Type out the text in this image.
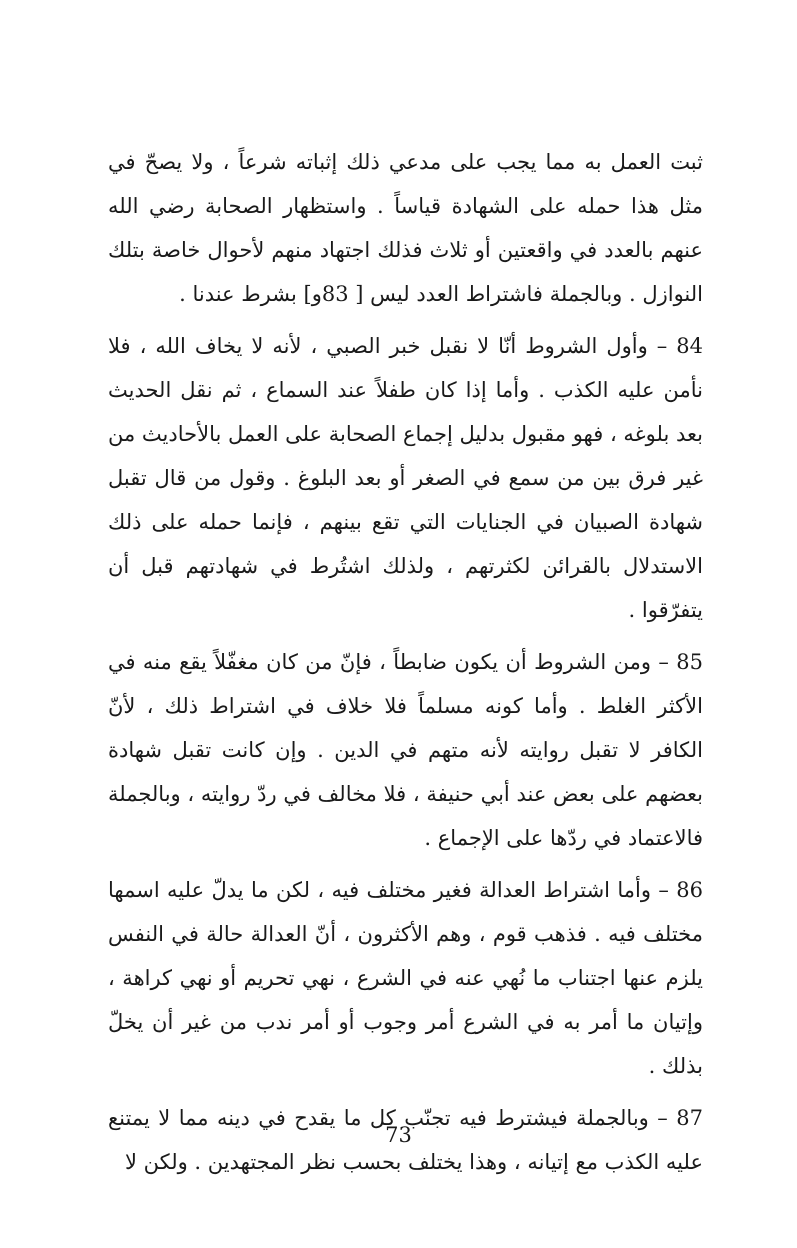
ثبت العمل به مما يجب على مدعي ذلك إثباته شرعاً ، ولا يصحّ في مثل هذا حمله على الشهادة قياساً . واستظهار الصحابة رضي الله عنهم بالعدد في واقعتين أو ثلاث فذلك اجتهاد منهم لأحوال خاصة بتلك النوازل . وبالجملة فاشتراط العدد ليس [ 83و] بشرط عندنا .

84 – وأول الشروط أنّا لا نقبل خبر الصبي ، لأنه لا يخاف الله ، فلا نأمن عليه الكذب . وأما إذا كان طفلاً عند السماع ، ثم نقل الحديث بعد بلوغه ، فهو مقبول بدليل إجماع الصحابة على العمل بالأحاديث من غير فرق بين من سمع في الصغر أو بعد البلوغ . وقول من قال تقبل شهادة الصبيان في الجنايات التي تقع بينهم ، فإنما حمله على ذلك الاستدلال بالقرائن لكثرتهم ، ولذلك اشتُرط في شهادتهم قبل أن يتفرّقوا .

85 – ومن الشروط أن يكون ضابطاً ، فإنّ من كان مغفّلاً يقع منه في الأكثر الغلط . وأما كونه مسلماً فلا خلاف في اشتراط ذلك ، لأنّ الكافر لا تقبل روايته لأنه متهم في الدين . وإن كانت تقبل شهادة بعضهم على بعض عند أبي حنيفة ، فلا مخالف في ردّ روايته ، وبالجملة فالاعتماد في ردّها على الإجماع .

86 – وأما اشتراط العدالة فغير مختلف فيه ، لكن ما يدلّ عليه اسمها مختلف فيه . فذهب قوم ، وهم الأكثرون ، أنّ العدالة حالة في النفس يلزم عنها اجتناب ما نُهي عنه في الشرع ، نهي تحريم أو نهي كراهة ، وإتيان ما أمر به في الشرع أمر وجوب أو أمر ندب من غير أن يخلّ بذلك .

87 – وبالجملة فيشترط فيه تجنّب كل ما يقدح في دينه مما لا يمتنع عليه الكذب مع إتيانه ، وهذا يختلف بحسب نظر المجتهدين . ولكن لا

73
